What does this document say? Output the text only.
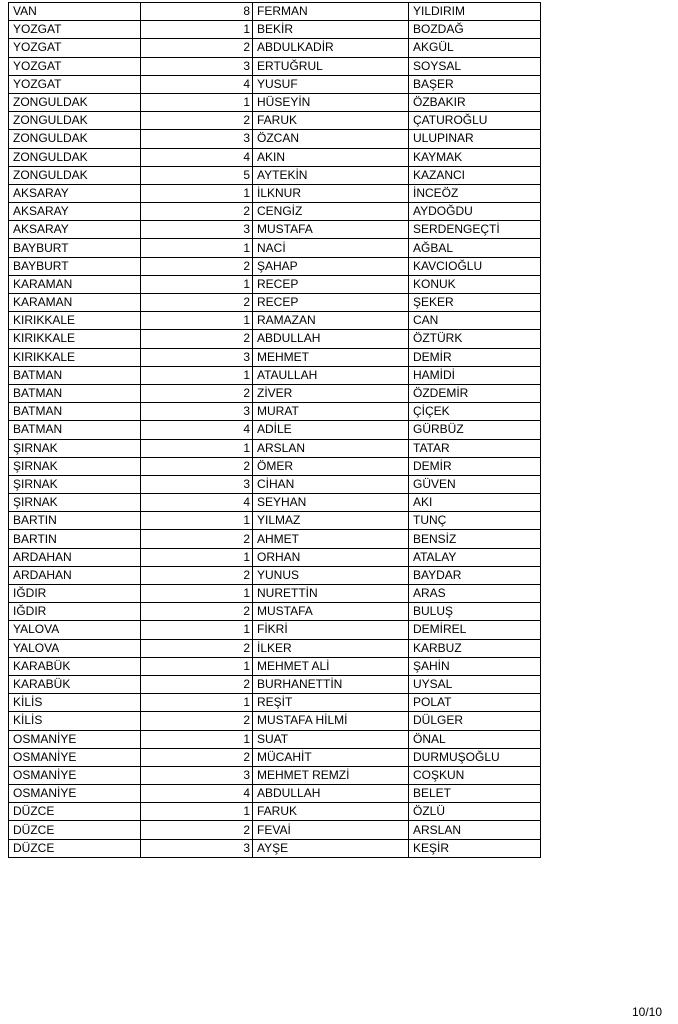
VAN	8	FERMAN	YILDIRIM
YOZGAT	1	BEKİR	BOZDAĞ
YOZGAT	2	ABDULKADİR	AKGÜL
YOZGAT	3	ERTUĞRUL	SOYSAL
YOZGAT	4	YUSUF	BAŞER
ZONGULDAK	1	HÜSEYİN	ÖZBAKIR
ZONGULDAK	2	FARUK	ÇATUROĞLU
ZONGULDAK	3	ÖZCAN	ULUPINAR
ZONGULDAK	4	AKIN	KAYMAK
ZONGULDAK	5	AYTEKİN	KAZANCI
AKSARAY	1	İLKNUR	İNCEÖZ
AKSARAY	2	CENGİZ	AYDOĞDU
AKSARAY	3	MUSTAFA	SERDENGEÇTİ
BAYBURT	1	NACİ	AĞBAL
BAYBURT	2	ŞAHAP	KAVCIOĞLU
KARAMAN	1	RECEP	KONUK
KARAMAN	2	RECEP	ŞEKER
KIRIKKALE	1	RAMAZAN	CAN
KIRIKKALE	2	ABDULLAH	ÖZTÜRK
KIRIKKALE	3	MEHMET	DEMİR
BATMAN	1	ATAULLAH	HAMİDİ
BATMAN	2	ZİVER	ÖZDEMİR
BATMAN	3	MURAT	ÇİÇEK
BATMAN	4	ADİLE	GÜRBÜZ
ŞIRNAK	1	ARSLAN	TATAR
ŞIRNAK	2	ÖMER	DEMİR
ŞIRNAK	3	CİHAN	GÜVEN
ŞIRNAK	4	SEYHAN	AKI
BARTIN	1	YILMAZ	TUNÇ
BARTIN	2	AHMET	BENSİZ
ARDAHAN	1	ORHAN	ATALAY
ARDAHAN	2	YUNUS	BAYDAR
IĞDIR	1	NURETTİN	ARAS
IĞDIR	2	MUSTAFA	BULUŞ
YALOVA	1	FİKRİ	DEMİREL
YALOVA	2	İLKER	KARBUZ
KARABÜK	1	MEHMET ALİ	ŞAHİN
KARABÜK	2	BURHANETTİN	UYSAL
KİLİS	1	REŞİT	POLAT
KİLİS	2	MUSTAFA HİLMİ	DÜLGER
OSMANİYE	1	SUAT	ÖNAL
OSMANİYE	2	MÜCAHİT	DURMUŞOĞLU
OSMANİYE	3	MEHMET REMZİ	COŞKUN
OSMANİYE	4	ABDULLAH	BELET
DÜZCE	1	FARUK	ÖZLÜ
DÜZCE	2	FEVAİ	ARSLAN
DÜZCE	3	AYŞE	KEŞİR
10/10
